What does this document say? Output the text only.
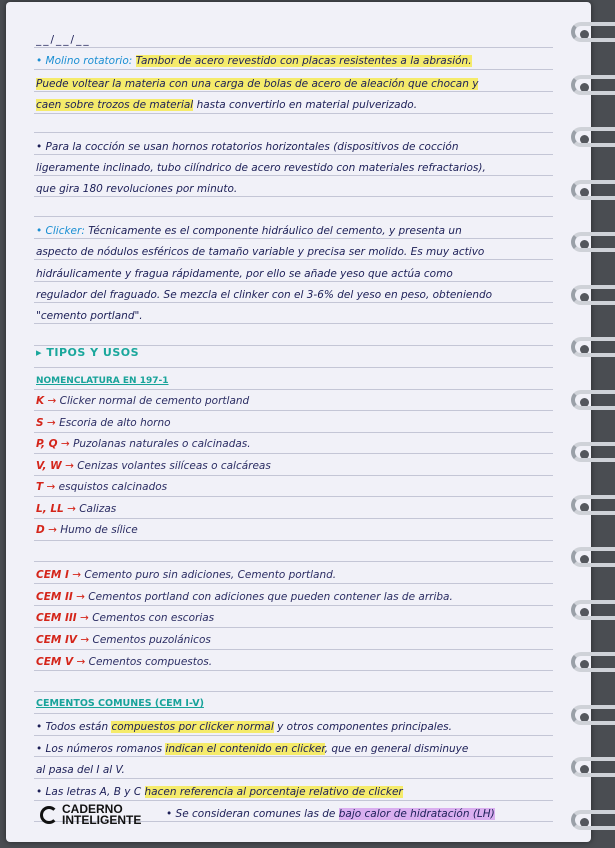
__/__/__
• Molino rotatorio: Tambor de acero revestido con placas resistentes a la abrasión.
Puede voltear la materia con una carga de bolas de acero de aleación que chocan y
caen sobre trozos de material hasta convertirlo en material pulverizado.
• Para la cocción se usan hornos rotatorios horizontales (dispositivos de cocción
ligeramente inclinado, tubo cilíndrico de acero revestido con materiales refractarios),
que gira 180 revoluciones por minuto.
• Clicker: Técnicamente es el componente hidráulico del cemento, y presenta un
aspecto de nódulos esféricos de tamaño variable y precisa ser molido. Es muy activo
hidráulicamente y fragua rápidamente, por ello se añade yeso que actúa como
regulador del fraguado. Se mezcla el clinker con el 3-6% del yeso en peso, obteniendo
"cemento portland".
▸ TIPOS Y USOS
NOMENCLATURA EN 197-1
K → Clicker normal de cemento portland
S → Escoria de alto horno
P, Q → Puzolanas naturales o calcinadas.
V, W → Cenizas volantes silíceas o calcáreas
T → esquistos calcinados
L, LL → Calizas
D → Humo de sílice
CEM I → Cemento puro sin adiciones, Cemento portland.
CEM II → Cementos portland con adiciones que pueden contener las de arriba.
CEM III → Cementos con escorias
CEM IV → Cementos puzolánicos
CEM V → Cementos compuestos.
CEMENTOS COMUNES (CEM I-V)
• Todos están compuestos por clicker normal y otros componentes principales.
• Los números romanos indican el contenido en clicker, que en general disminuye
al pasa del I al V.
• Las letras A, B y C hacen referencia al porcentaje relativo de clicker
• Se consideran comunes las de bajo calor de hidratación (LH)
CADERNO
INTELIGENTE
